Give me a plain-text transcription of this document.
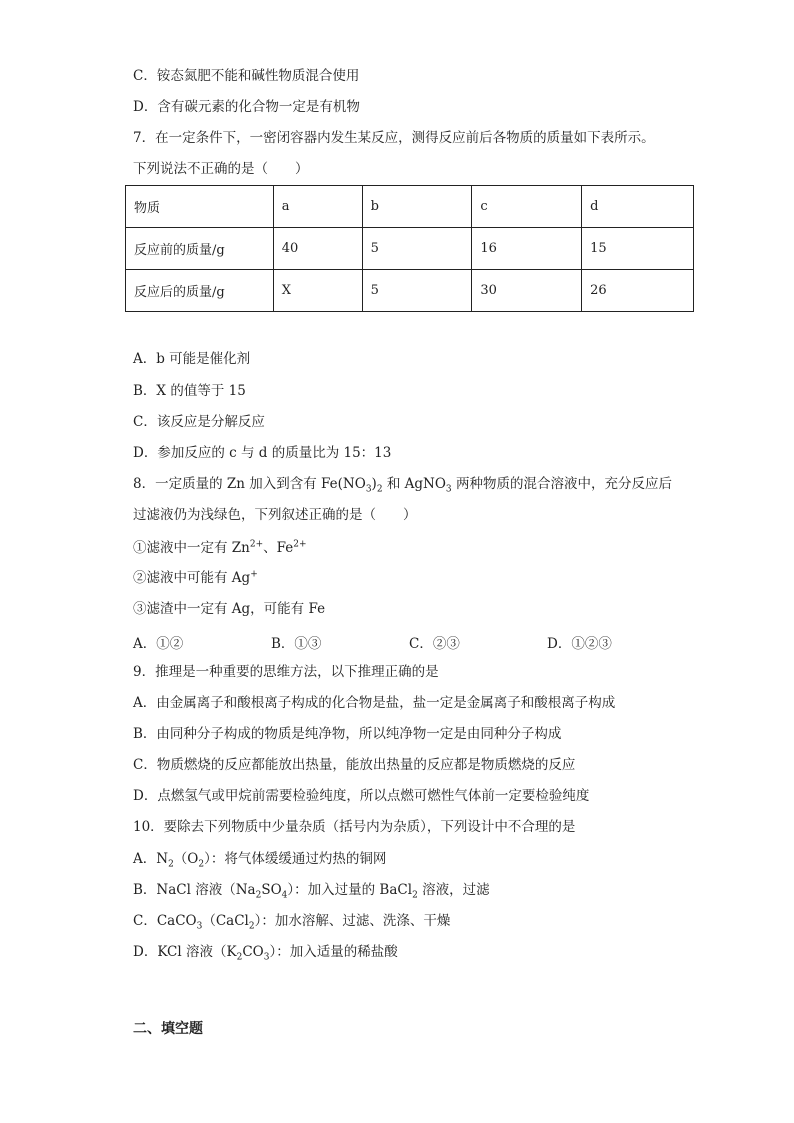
C．铵态氮肥不能和碱性物质混合使用
D．含有碳元素的化合物一定是有机物
7．在一定条件下，一密闭容器内发生某反应，测得反应前后各物质的质量如下表所示。
下列说法不正确的是（　　）
物质	a	b	c	d
反应前的质量/g	40	5	16	15
反应后的质量/g	X	5	30	26
A．b 可能是催化剂
B．X 的值等于 15
C．该反应是分解反应
D．参加反应的 c 与 d 的质量比为 15：13
8．一定质量的 Zn 加入到含有 $Fe(NO_3)_2$ 和 AgNO$_3$ 两种物质的混合溶液中，充分反应后
过滤液仍为浅绿色，下列叙述正确的是（　　）
①滤液中一定有 $Zn^{2+}$、$Fe^{2+}$
②滤液中可能有 Ag+
③滤渣中一定有 Ag，可能有 Fe
A．①②	B．①③	C．②③	D．①②③
9．推理是一种重要的思维方法，以下推理正确的是
A．由金属离子和酸根离子构成的化合物是盐，盐一定是金属离子和酸根离子构成
B．由同种分子构成的物质是纯净物，所以纯净物一定是由同种分子构成
C．物质燃烧的反应都能放出热量，能放出热量的反应都是物质燃烧的反应
D．点燃氢气或甲烷前需要检验纯度，所以点燃可燃性气体前一定要检验纯度
10．要除去下列物质中少量杂质（括号内为杂质），下列设计中不合理的是
A．$N_2(O_2)$：将气体缓缓通过灼热的铜网
B．NaCl 溶液$(Na_2SO_4)$：加入过量的 BaCl$_2$ 溶液，过滤
C．CaCO$_3$（CaCl$_2$）：加水溶解、过滤、洗涤、干燥
D．KCl 溶液$(K_2CO_3)$：加入适量的稀盐酸
二、填空题
